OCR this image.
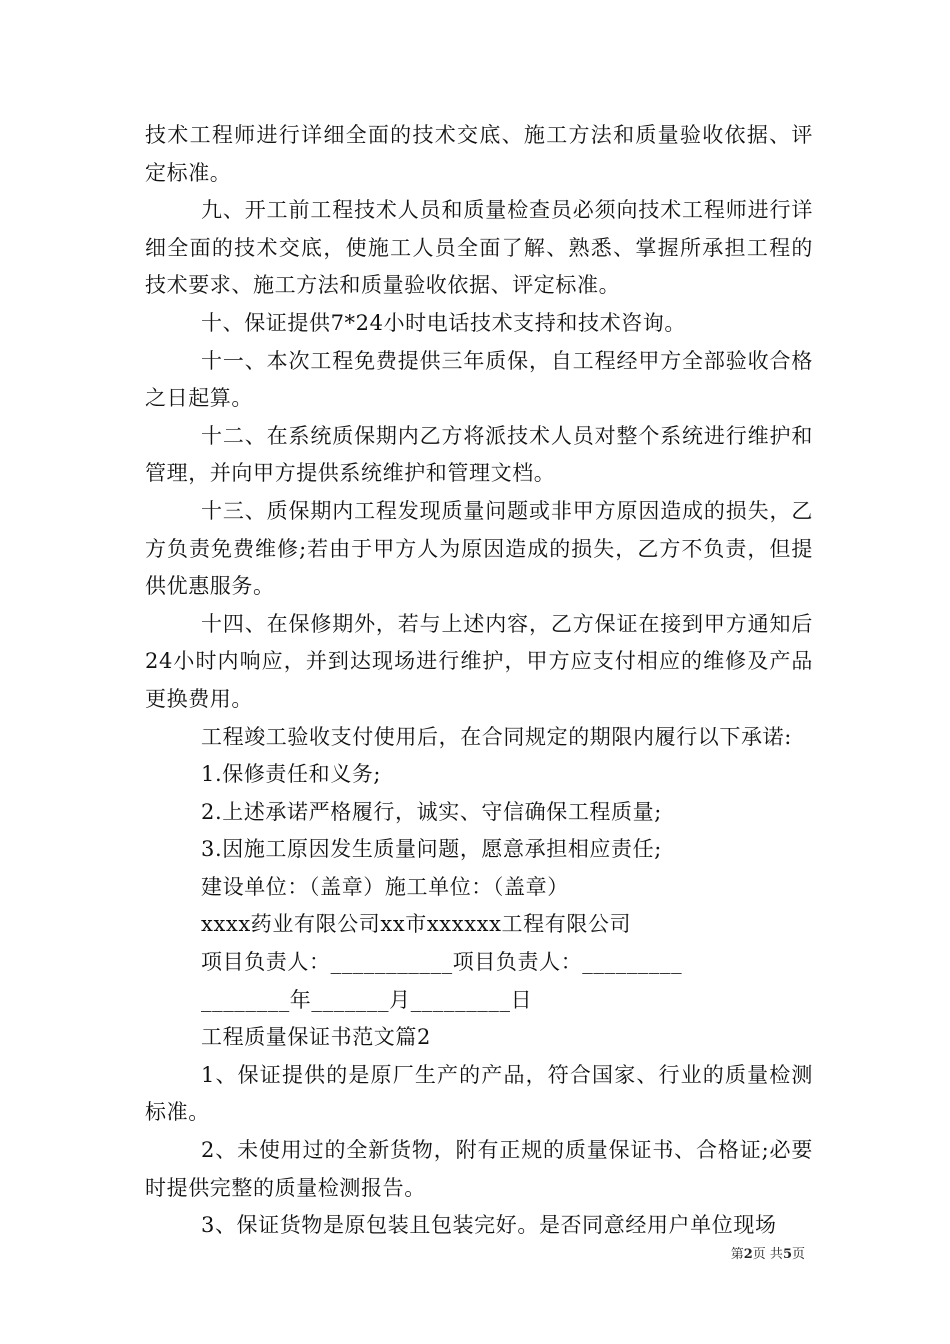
技术工程师进行详细全面的技术交底、施工方法和质量验收依据、评定标准。

九、开工前工程技术人员和质量检查员必须向技术工程师进行详细全面的技术交底，使施工人员全面了解、熟悉、掌握所承担工程的技术要求、施工方法和质量验收依据、评定标准。

十、保证提供7*24小时电话技术支持和技术咨询。

十一、本次工程免费提供三年质保，自工程经甲方全部验收合格之日起算。

十二、在系统质保期内乙方将派技术人员对整个系统进行维护和管理，并向甲方提供系统维护和管理文档。

十三、质保期内工程发现质量问题或非甲方原因造成的损失，乙方负责免费维修;若由于甲方人为原因造成的损失，乙方不负责，但提供优惠服务。

十四、在保修期外，若与上述内容，乙方保证在接到甲方通知后24小时内响应，并到达现场进行维护，甲方应支付相应的维修及产品更换费用。

工程竣工验收支付使用后，在合同规定的期限内履行以下承诺:

1.保修责任和义务;

2.上述承诺严格履行，诚实、守信确保工程质量;

3.因施工原因发生质量问题，愿意承担相应责任;

建设单位：（盖章）施工单位：（盖章）

xxxx药业有限公司xx市xxxxxx工程有限公司

项目负责人：___________项目负责人：_________

________年_______月_________日

工程质量保证书范文篇2

1、保证提供的是原厂生产的产品，符合国家、行业的质量检测标准。

2、未使用过的全新货物，附有正规的质量保证书、合格证;必要时提供完整的质量检测报告。

3、保证货物是原包装且包装完好。是否同意经用户单位现场

第2页 共5页
